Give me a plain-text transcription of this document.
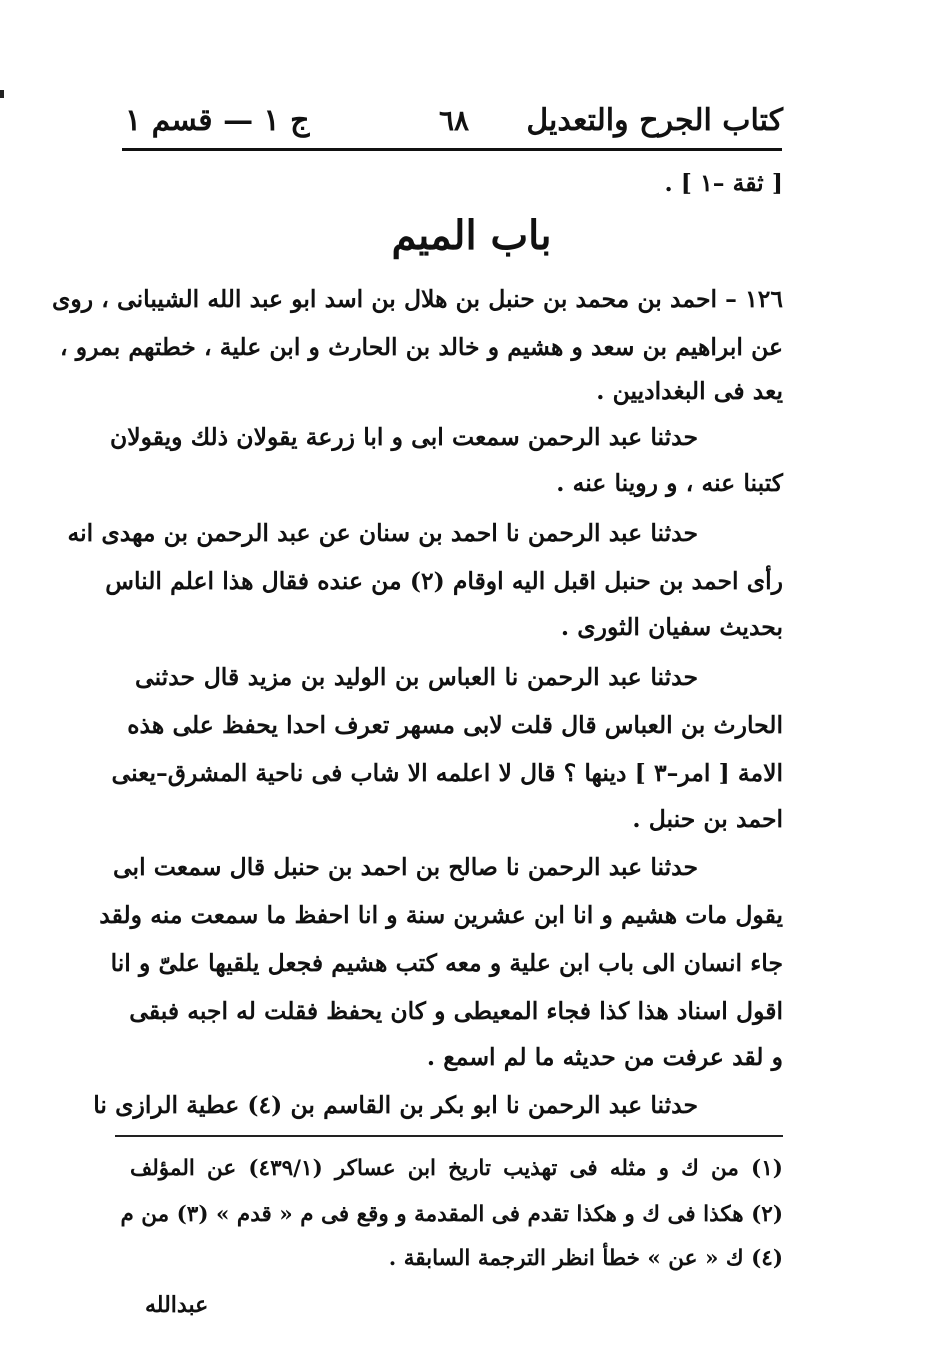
كتاب الجرح والتعديل
٦٨
ج ١ — قسم ١
[ ثقة –١ ] .
باب الميم
١٢٦ – احمد بن محمد بن حنبل بن هلال بن اسد ابو عبد الله الشيبانى ، روى
عن ابراهيم بن سعد و هشيم و خالد بن الحارث و ابن علية ، خطتهم بمرو ،
يعد فى البغداديين .
حدثنا عبد الرحمن سمعت ابى و ابا زرعة يقولان ذلك ويقولان
كتبنا عنه ، و روينا عنه .
حدثنا عبد الرحمن نا احمد بن سنان عن عبد الرحمن بن مهدى انه
رأى احمد بن حنبل اقبل اليه اوقام (٢) من عنده فقال هذا اعلم الناس
بحديث سفيان الثورى .
حدثنا عبد الرحمن نا العباس بن الوليد بن مزيد قال حدثنى
الحارث بن العباس قال قلت لابى مسهر تعرف احدا يحفظ على هذه
الامة [ امر–٣ ] دينها ؟ قال لا اعلمه الا شاب فى ناحية المشرق–يعنى
احمد بن حنبل .
حدثنا عبد الرحمن نا صالح بن احمد بن حنبل قال سمعت ابى
يقول مات هشيم و انا ابن عشرين سنة و انا احفظ ما سمعت منه ولقد
جاء انسان الى باب ابن علية و معه كتب هشيم فجعل يلقيها علىّ و انا
اقول اسناد هذا كذا فجاء المعيطى و كان يحفظ فقلت له اجبه فبقى
و لقد عرفت من حديثه ما لم اسمع .
حدثنا عبد الرحمن نا ابو بكر بن القاسم بن (٤) عطية الرازى نا
(١) من ك و مثله فى تهذيب تاريخ ابن عساكر (٤٣٩/١) عن المؤلف
(٢) هكذا فى ك و هكذا تقدم فى المقدمة و وقع فى م « قدم » (٣) من م
(٤) ك « عن » خطأ انظر الترجمة السابقة .
عبدالله
